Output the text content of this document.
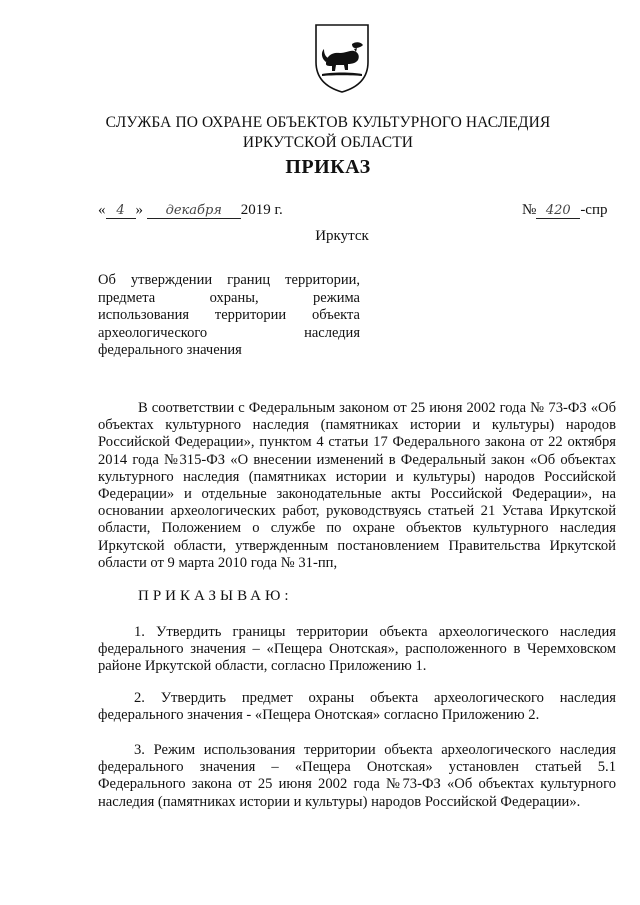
СЛУЖБА ПО ОХРАНЕ ОБЪЕКТОВ КУЛЬТУРНОГО НАСЛЕДИЯ
ИРКУТСКОЙ ОБЛАСТИ
ПРИКАЗ
« 4 » декабря 2019 г.	№ 420 -спр
Иркутск
Об утверждении границ территории,
предмета охраны, режима
использования территории объекта
археологического наследия
федерального значения
В соответствии с Федеральным законом от 25 июня 2002 года № 73-ФЗ «Об объектах культурного наследия (памятниках истории и культуры) народов Российской Федерации», пунктом 4 статьи 17 Федерального закона от 22 октября 2014 года №315-ФЗ «О внесении изменений в Федеральный закон «Об объектах культурного наследия (памятниках истории и культуры) народов Российской Федерации» и отдельные законодательные акты Российской Федерации», на основании археологических работ, руководствуясь статьей 21 Устава Иркутской области, Положением о службе по охране объектов культурного наследия Иркутской области, утвержденным постановлением Правительства Иркутской области от 9 марта 2010 года № 31-пп,
ПРИКАЗЫВАЮ:
1. Утвердить границы территории объекта археологического наследия федерального значения – «Пещера Онотская», расположенного в Черемховском районе Иркутской области, согласно Приложению 1.
2. Утвердить предмет охраны объекта археологического наследия федерального значения - «Пещера Онотская» согласно Приложению 2.
3. Режим использования территории объекта археологического наследия федерального значения – «Пещера Онотская» установлен статьей 5.1 Федерального закона от 25 июня 2002 года №73-ФЗ «Об объектах культурного наследия (памятниках истории и культуры) народов Российской Федерации».
